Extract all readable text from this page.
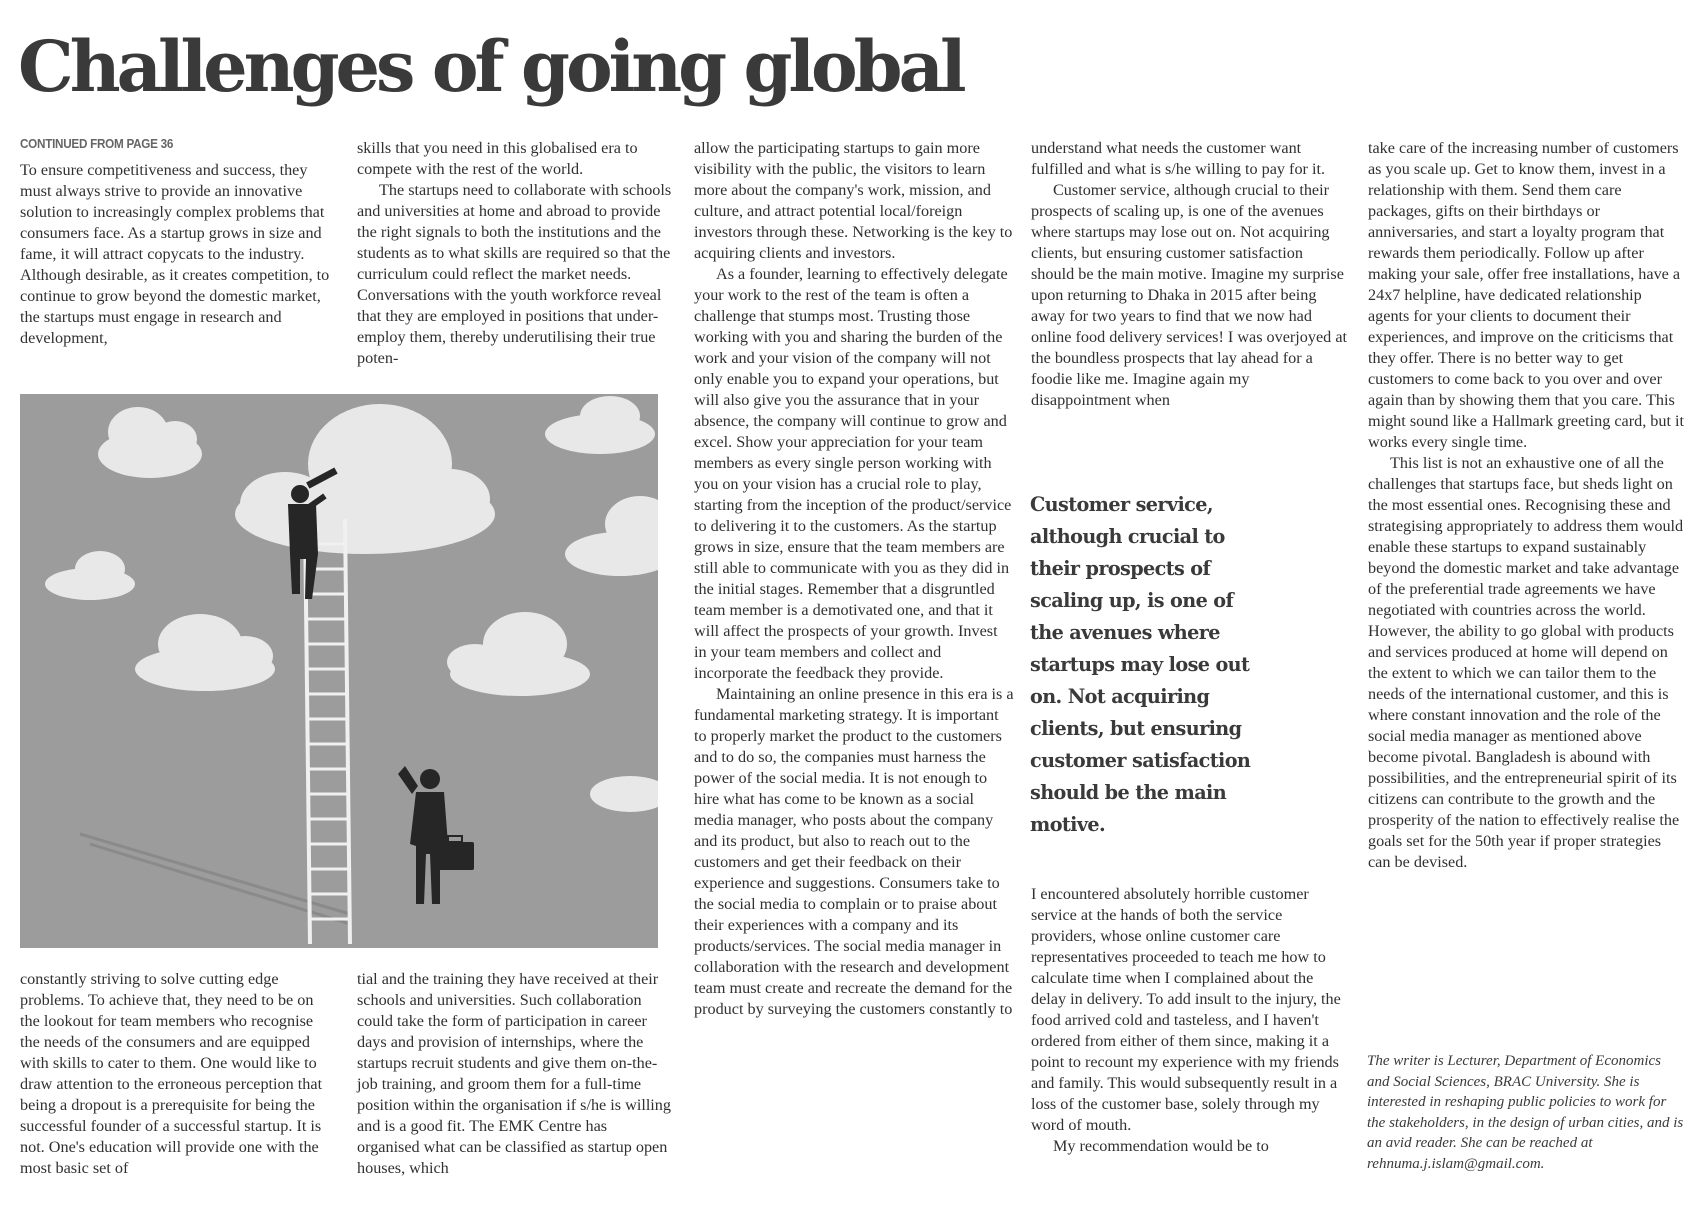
Challenges of going global
CONTINUED FROM PAGE 36

To ensure competitiveness and success, they must always strive to provide an innovative solution to increasingly complex problems that consumers face. As a startup grows in size and fame, it will attract copycats to the industry. Although desirable, as it creates competition, to continue to grow beyond the domestic market, the startups must engage in research and development,

constantly striving to solve cutting edge problems. To achieve that, they need to be on the lookout for team members who recognise the needs of the consumers and are equipped with skills to cater to them. One would like to draw attention to the erroneous perception that being a dropout is a prerequisite for being the successful founder of a successful startup. It is not. One's education will provide one with the most basic set of

skills that you need in this globalised era to compete with the rest of the world.

The startups need to collaborate with schools and universities at home and abroad to provide the right signals to both the institutions and the students as to what skills are required so that the curriculum could reflect the market needs. Conversations with the youth workforce reveal that they are employed in positions that under-employ them, thereby underutilising their true poten-

tial and the training they have received at their schools and universities. Such collaboration could take the form of participation in career days and provision of internships, where the startups recruit students and give them on-the-job training, and groom them for a full-time position within the organisation if s/he is willing and is a good fit. The EMK Centre has organised what can be classified as startup open houses, which

allow the participating startups to gain more visibility with the public, the visitors to learn more about the company's work, mission, and culture, and attract potential local/foreign investors through these. Networking is the key to acquiring clients and investors.

As a founder, learning to effectively delegate your work to the rest of the team is often a challenge that stumps most. Trusting those working with you and sharing the burden of the work and your vision of the company will not only enable you to expand your operations, but will also give you the assurance that in your absence, the company will continue to grow and excel. Show your appreciation for your team members as every single person working with you on your vision has a crucial role to play, starting from the inception of the product/service to delivering it to the customers. As the startup grows in size, ensure that the team members are still able to communicate with you as they did in the initial stages. Remember that a disgruntled team member is a demotivated one, and that it will affect the prospects of your growth. Invest in your team members and collect and incorporate the feedback they provide.

Maintaining an online presence in this era is a fundamental marketing strategy. It is important to properly market the product to the customers and to do so, the companies must harness the power of the social media. It is not enough to hire what has come to be known as a social media manager, who posts about the company and its product, but also to reach out to the customers and get their feedback on their experience and suggestions. Consumers take to the social media to complain or to praise about their experiences with a company and its products/services. The social media manager in collaboration with the research and development team must create and recreate the demand for the product by surveying the customers constantly to

understand what needs the customer want fulfilled and what is s/he willing to pay for it.

Customer service, although crucial to their prospects of scaling up, is one of the avenues where startups may lose out on. Not acquiring clients, but ensuring customer satisfaction should be the main motive. Imagine my surprise upon returning to Dhaka in 2015 after being away for two years to find that we now had online food delivery services! I was overjoyed at the boundless prospects that lay ahead for a foodie like me. Imagine again my disappointment when

Customer service, although crucial to their prospects of scaling up, is one of the avenues where startups may lose out on. Not acquiring clients, but ensuring customer satisfaction should be the main motive.

I encountered absolutely horrible customer service at the hands of both the service providers, whose online customer care representatives proceeded to teach me how to calculate time when I complained about the delay in delivery. To add insult to the injury, the food arrived cold and tasteless, and I haven't ordered from either of them since, making it a point to recount my experience with my friends and family. This would subsequently result in a loss of the customer base, solely through my word of mouth.

My recommendation would be to

take care of the increasing number of customers as you scale up. Get to know them, invest in a relationship with them. Send them care packages, gifts on their birthdays or anniversaries, and start a loyalty program that rewards them periodically. Follow up after making your sale, offer free installations, have a 24x7 helpline, have dedicated relationship agents for your clients to document their experiences, and improve on the criticisms that they offer. There is no better way to get customers to come back to you over and over again than by showing them that you care. This might sound like a Hallmark greeting card, but it works every single time.

This list is not an exhaustive one of all the challenges that startups face, but sheds light on the most essential ones. Recognising these and strategising appropriately to address them would enable these startups to expand sustainably beyond the domestic market and take advantage of the preferential trade agreements we have negotiated with countries across the world. However, the ability to go global with products and services produced at home will depend on the extent to which we can tailor them to the needs of the international customer, and this is where constant innovation and the role of the social media manager as mentioned above become pivotal. Bangladesh is abound with possibilities, and the entrepreneurial spirit of its citizens can contribute to the growth and the prosperity of the nation to effectively realise the goals set for the 50th year if proper strategies can be devised.

The writer is Lecturer, Department of Economics and Social Sciences, BRAC University. She is interested in reshaping public policies to work for the stakeholders, in the design of urban cities, and is an avid reader. She can be reached at rehnuma.j.islam@gmail.com.
